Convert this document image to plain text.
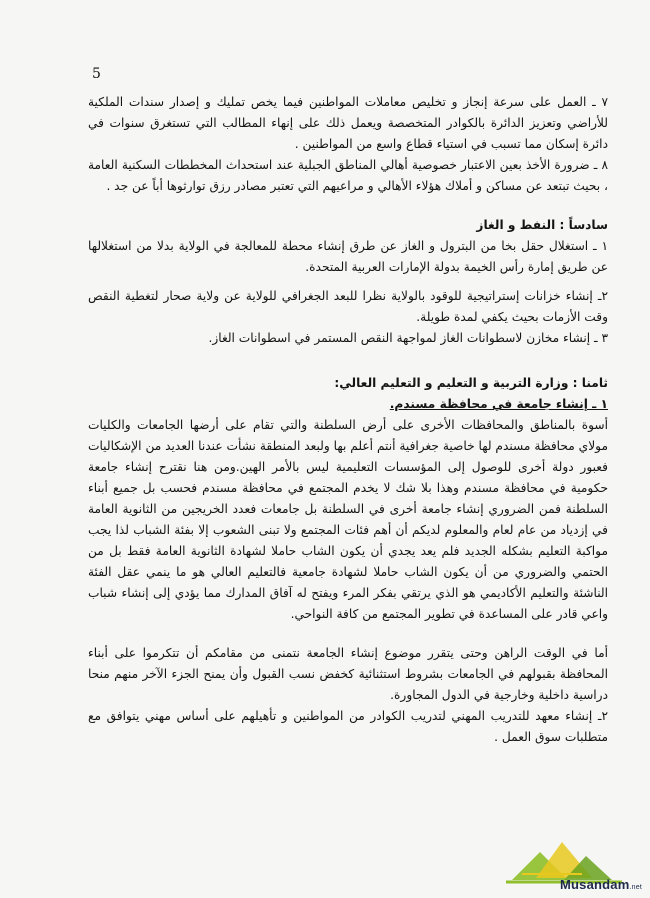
5

٧ ـ العمل على سرعة إنجاز و تخليص معاملات المواطنين فيما يخص تمليك و إصدار سندات الملكية للأراضي وتعزيز الدائرة بالكوادر المتخصصة ويعمل ذلك على إنهاء المطالب التي تستغرق سنوات في دائرة إسكان مما تسبب في استياء قطاع واسع من المواطنين .

٨ ـ ضرورة الأخذ بعين الاعتبار خصوصية أهالي المناطق الجبلية عند استحداث المخططات السكنية العامة ، بحيث تبتعد عن مساكن و أملاك هؤلاء الأهالي و مراعيهم التي تعتبر مصادر رزق توارثوها أباً عن جد .

سادساً : النفط و الغاز

١ ـ استغلال حقل بخا من البترول و الغاز عن طرق إنشاء محطة للمعالجة في الولاية بدلا من استغلالها عن طريق إمارة رأس الخيمة بدولة الإمارات العربية المتحدة.

٢ـ إنشاء خزانات إستراتيجية للوقود بالولاية نظرا للبعد الجغرافي للولاية عن ولاية صحار لتغطية النقص وقت الأزمات بحيث يكفي لمدة طويلة.

٣ ـ إنشاء مخازن لاسطوانات الغاز لمواجهة النقص المستمر في اسطوانات الغاز.

ثامنا : وزارة التربية و التعليم و التعليم العالي:

١ ـ إنشاء جامعة في محافظة مسندم.

أسوة بالمناطق والمحافظات الأخرى على أرض السلطنة والتي تقام على أرضها الجامعات والكليات مولاي محافظة مسندم لها خاصية جغرافية أنتم أعلم بها ولبعد المنطقة نشأت عندنا العديد من الإشكاليات فعبور دولة أخرى للوصول إلى المؤسسات التعليمية ليس بالأمر الهين.ومن هنا نقترح إنشاء جامعة حكومية في محافظة مسندم وهذا بلا شك لا يخدم المجتمع في محافظة مسندم فحسب بل جميع أبناء السلطنة فمن الضروري إنشاء جامعة أخرى في السلطنة بل جامعات فعدد الخريجين من الثانوية العامة في إزدياد من عام لعام والمعلوم لديكم أن أهم فئات المجتمع ولا تبنى الشعوب إلا بفئة الشباب لذا يجب مواكبة التعليم بشكله الجديد فلم يعد يجدي أن يكون الشاب حاملا لشهادة الثانوية العامة فقط بل من الحتمي والضروري من أن يكون الشاب حاملا لشهادة جامعية فالتعليم العالي هو ما ينمي عقل الفئة الناشئة والتعليم الأكاديمي هو الذي يرتقي بفكر المرء ويفتح له آفاق المدارك مما يؤدي إلى إنشاء شباب واعي قادر على المساعدة في تطوير المجتمع من كافة النواحي.

أما في الوقت الراهن وحتى يتقرر موضوع إنشاء الجامعة نتمنى من مقامكم أن تتكرموا على أبناء المحافظة بقبولهم في الجامعات بشروط استثنائية كخفض نسب القبول وأن يمنح الجزء الآخر منهم منحا دراسية داخلية وخارجية في الدول المجاورة.

٢ـ إنشاء معهد للتدريب المهني لتدريب الكوادر من المواطنين و تأهيلهم على أساس مهني يتوافق مع متطلبات سوق العمل .

Musandam.net
